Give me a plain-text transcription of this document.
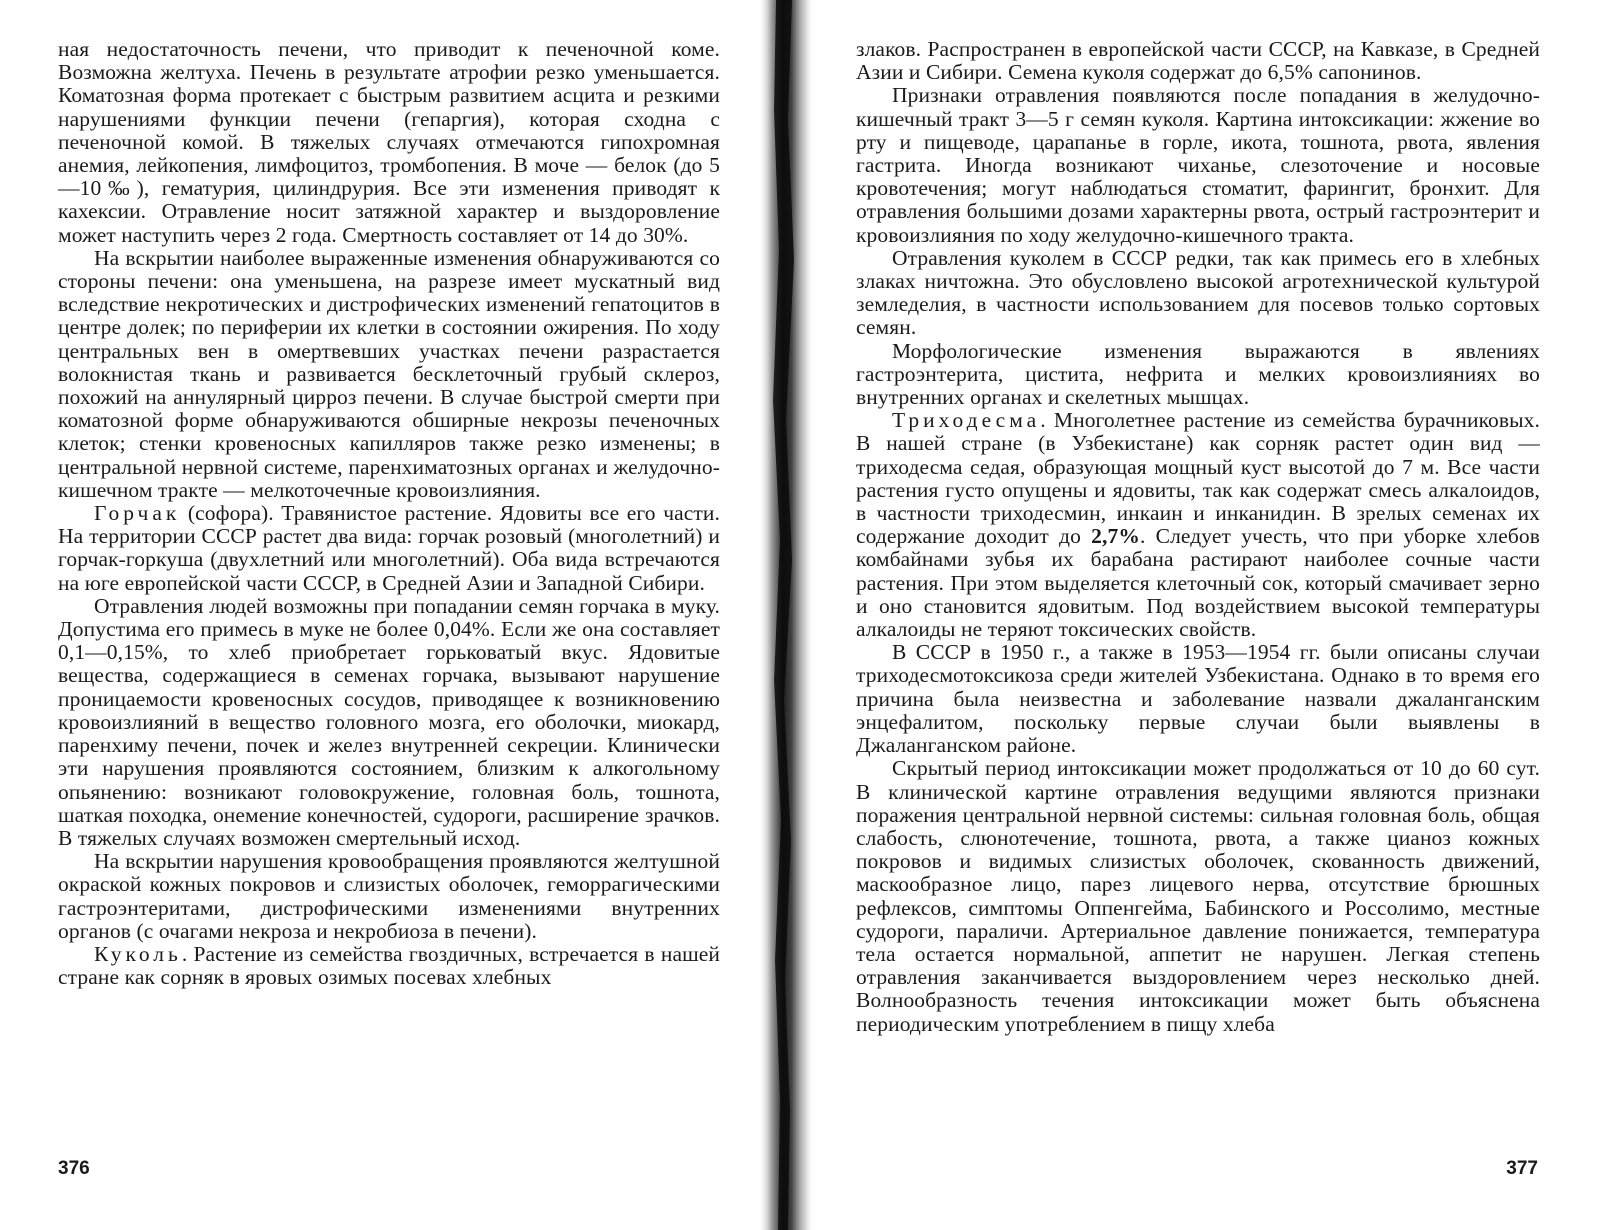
ная недостаточность печени, что приводит к печеночной коме. Возможна желтуха. Печень в результате атрофии резко уменьшается. Коматозная форма протекает с быстрым развитием асцита и резкими нарушениями функции печени (гепаргия), которая сходна с печеночной комой. В тяжелых случаях отмечаются гипохромная анемия, лейкопения, лимфоцитоз, тромбопения. В моче — белок (до 5—10‰), гематурия, цилиндрурия. Все эти изменения приводят к кахексии. Отравление носит затяжной характер и выздоровление может наступить через 2 года. Смертность составляет от 14 до 30%.

На вскрытии наиболее выраженные изменения обнаруживаются со стороны печени: она уменьшена, на разрезе имеет мускатный вид вследствие некротических и дистрофических изменений гепатоцитов в центре долек; по периферии их клетки в состоянии ожирения. По ходу центральных вен в омертвевших участках печени разрастается волокнистая ткань и развивается бесклеточный грубый склероз, похожий на аннулярный цирроз печени. В случае быстрой смерти при коматозной форме обнаруживаются обширные некрозы печеночных клеток; стенки кровеносных капилляров также резко изменены; в центральной нервной системе, паренхиматозных органах и желудочно-кишечном тракте — мелкоточечные кровоизлияния.

Горчак (софора). Травянистое растение. Ядовиты все его части. На территории СССР растет два вида: горчак розовый (многолетний) и горчак-горкуша (двухлетний или многолетний). Оба вида встречаются на юге европейской части СССР, в Средней Азии и Западной Сибири.

Отравления людей возможны при попадании семян горчака в муку. Допустима его примесь в муке не более 0,04%. Если же она составляет 0,1—0,15%, то хлеб приобретает горьковатый вкус. Ядовитые вещества, содержащиеся в семенах горчака, вызывают нарушение проницаемости кровеносных сосудов, приводящее к возникновению кровоизлияний в вещество головного мозга, его оболочки, миокард, паренхиму печени, почек и желез внутренней секреции. Клинически эти нарушения проявляются состоянием, близким к алкогольному опьянению: возникают головокружение, головная боль, тошнота, шаткая походка, онемение конечностей, судороги, расширение зрачков. В тяжелых случаях возможен смертельный исход.

На вскрытии нарушения кровообращения проявляются желтушной окраской кожных покровов и слизистых оболочек, геморрагическими гастроэнтеритами, дистрофическими изменениями внутренних органов (с очагами некроза и некробиоза в печени).

Куколь. Растение из семейства гвоздичных, встречается в нашей стране как сорняк в яровых озимых посевах хлебных

376

злаков. Распространен в европейской части СССР, на Кавказе, в Средней Азии и Сибири. Семена куколя содержат до 6,5% сапонинов.

Признаки отравления появляются после попадания в желудочно-кишечный тракт 3—5 г семян куколя. Картина интоксикации: жжение во рту и пищеводе, царапанье в горле, икота, тошнота, рвота, явления гастрита. Иногда возникают чиханье, слезоточение и носовые кровотечения; могут наблюдаться стоматит, фарингит, бронхит. Для отравления большими дозами характерны рвота, острый гастроэнтерит и кровоизлияния по ходу желудочно-кишечного тракта.

Отравления куколем в СССР редки, так как примесь его в хлебных злаках ничтожна. Это обусловлено высокой агротехнической культурой земледелия, в частности использованием для посевов только сортовых семян.

Морфологические изменения выражаются в явлениях гастроэнтерита, цистита, нефрита и мелких кровоизлияниях во внутренних органах и скелетных мышцах.

Триходесма. Многолетнее растение из семейства бурачниковых. В нашей стране (в Узбекистане) как сорняк растет один вид — триходесма седая, образующая мощный куст высотой до 7 м. Все части растения густо опущены и ядовиты, так как содержат смесь алкалоидов, в частности триходесмин, инкаин и инканидин. В зрелых семенах их содержание доходит до 2,7%. Следует учесть, что при уборке хлебов комбайнами зубья их барабана растирают наиболее сочные части растения. При этом выделяется клеточный сок, который смачивает зерно и оно становится ядовитым. Под воздействием высокой температуры алкалоиды не теряют токсических свойств.

В СССР в 1950 г., а также в 1953—1954 гг. были описаны случаи триходесмотоксикоза среди жителей Узбекистана. Однако в то время его причина была неизвестна и заболевание назвали джаланганским энцефалитом, поскольку первые случаи были выявлены в Джаланганском районе.

Скрытый период интоксикации может продолжаться от 10 до 60 сут. В клинической картине отравления ведущими являются признаки поражения центральной нервной системы: сильная головная боль, общая слабость, слюнотечение, тошнота, рвота, а также цианоз кожных покровов и видимых слизистых оболочек, скованность движений, маскообразное лицо, парез лицевого нерва, отсутствие брюшных рефлексов, симптомы Оппенгейма, Бабинского и Россолимо, местные судороги, параличи. Артериальное давление понижается, температура тела остается нормальной, аппетит не нарушен. Легкая степень отравления заканчивается выздоровлением через несколько дней. Волнообразность течения интоксикации может быть объяснена периодическим употреблением в пищу хлеба

377
